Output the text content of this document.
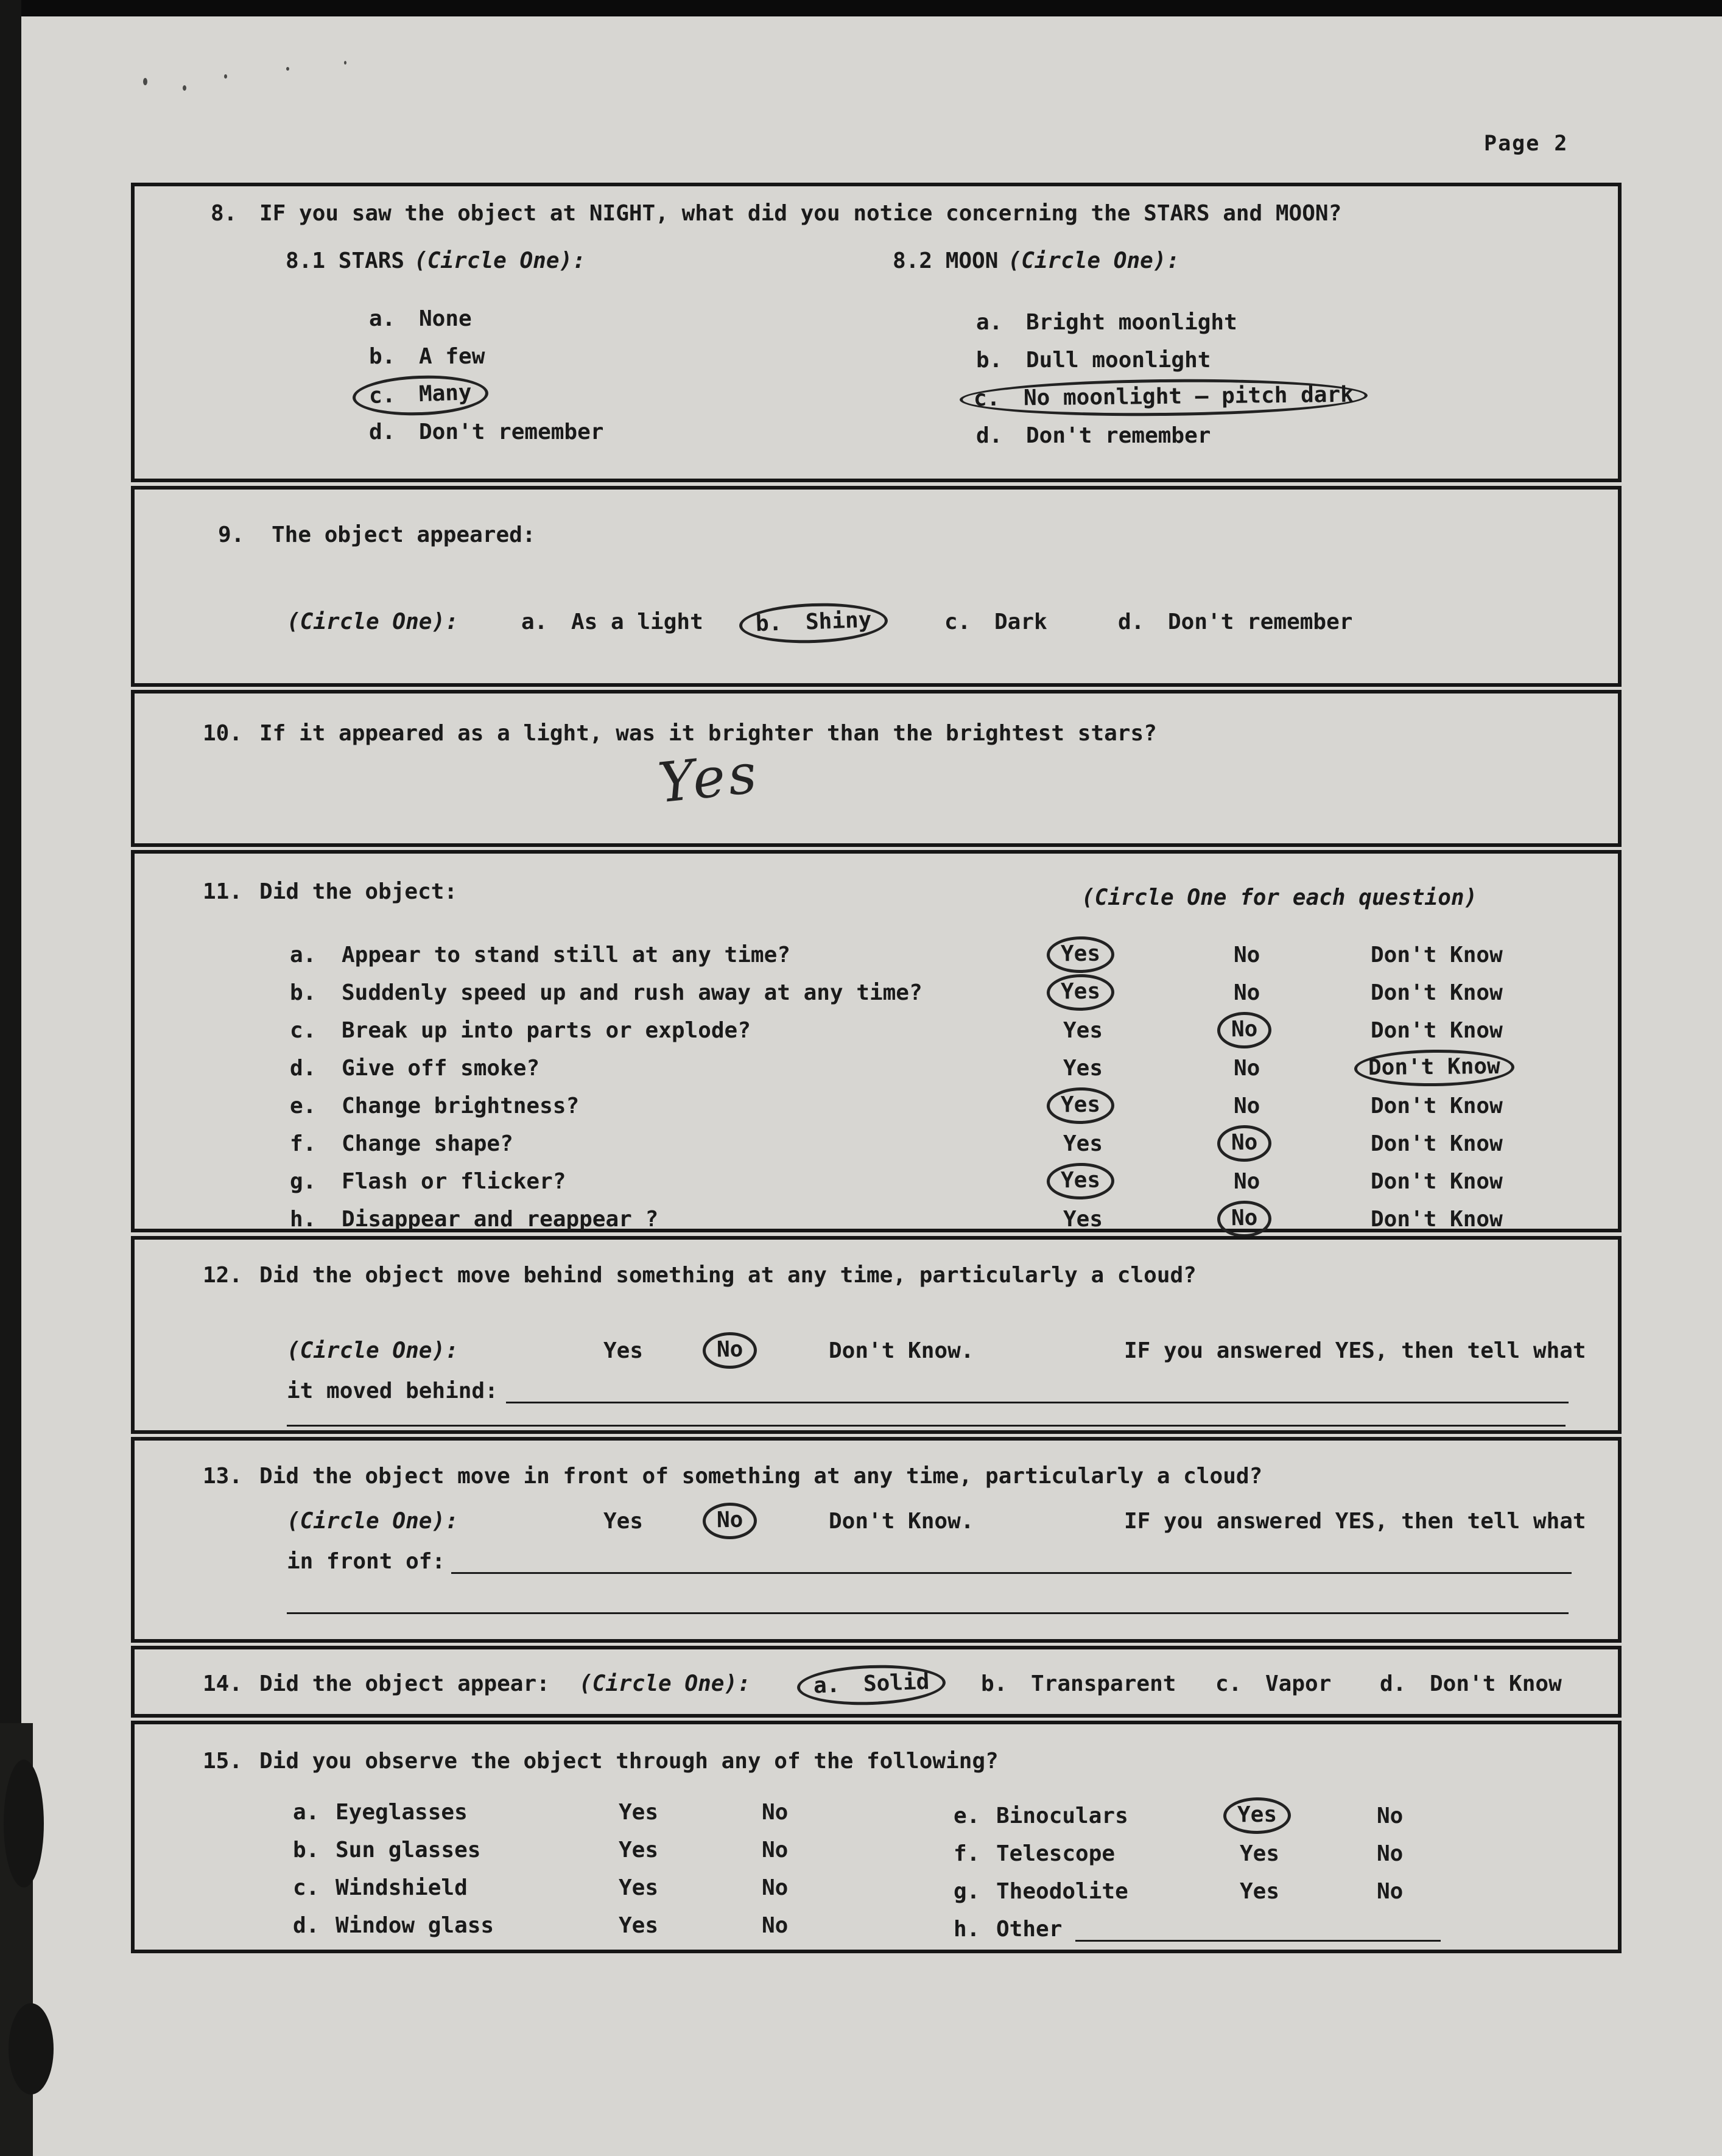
Page 2
8. IF you saw the object at NIGHT, what did you notice concerning the STARS and MOON?
8.1 STARS (Circle One):	8.2 MOON (Circle One):
a. None
b. A few
c. Many
d. Don't remember
a. Bright moonlight
b. Dull moonlight
c. No moonlight — pitch dark
d. Don't remember
9. The object appeared:
(Circle One):	a. As a light	b. Shiny	c. Dark	d. Don't remember
10. If it appeared as a light, was it brighter than the brightest stars?
Yes
11. Did the object:	(Circle One for each question)
a. Appear to stand still at any time?	Yes	No	Don't Know
b. Suddenly speed up and rush away at any time?	Yes	No	Don't Know
c. Break up into parts or explode?	Yes	No	Don't Know
d. Give off smoke?	Yes	No	Don't Know
e. Change brightness?	Yes	No	Don't Know
f. Change shape?	Yes	No	Don't Know
g. Flash or flicker?	Yes	No	Don't Know
h. Disappear and reappear ?	Yes	No	Don't Know
12. Did the object move behind something at any time, particularly a cloud?
(Circle One):	Yes	No	Don't Know.	IF you answered YES, then tell what
it moved behind:
13. Did the object move in front of something at any time, particularly a cloud?
(Circle One):	Yes	No	Don't Know.	IF you answered YES, then tell what
in front of:
14. Did the object appear: (Circle One):	a. Solid	b. Transparent c. Vapor d. Don't Know
15. Did you observe the object through any of the following?
a. Eyeglasses	Yes	No
b. Sun glasses	Yes	No
c. Windshield	Yes	No
d. Window glass	Yes	No
e. Binoculars	Yes	No
f. Telescope	Yes	No
g. Theodolite	Yes	No
h. Other
